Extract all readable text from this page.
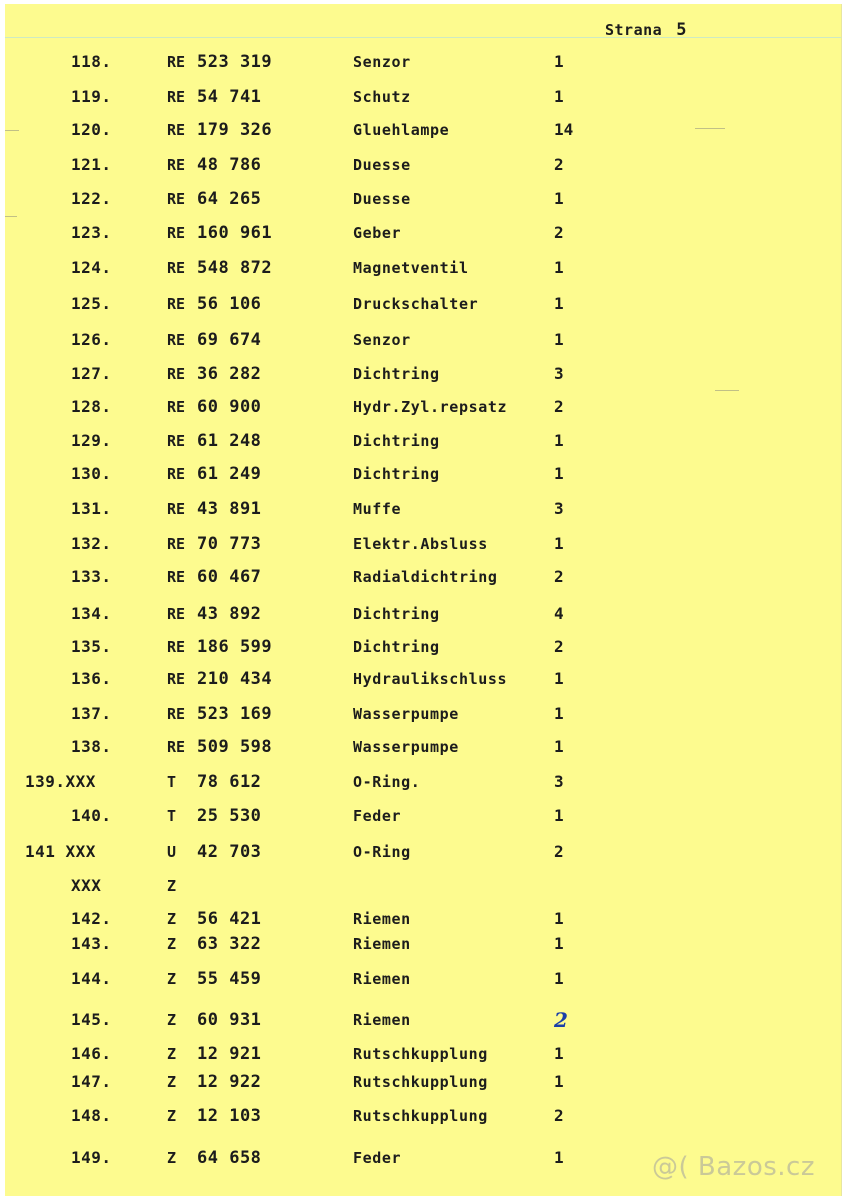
Strana 5
118.	RE 523 319	Senzor	1
119.	RE 54 741	Schutz	1
120.	RE 179 326	Gluehlampe	14
121.	RE 48 786	Duesse	2
122.	RE 64 265	Duesse	1
123.	RE 160 961	Geber	2
124.	RE 548 872	Magnetventil	1
125.	RE 56 106	Druckschalter	1
126.	RE 69 674	Senzor	1
127.	RE 36 282	Dichtring	3
128.	RE 60 900	Hydr.Zyl.repsatz	2
129.	RE 61 248	Dichtring	1
130.	RE 61 249	Dichtring	1
131.	RE 43 891	Muffe	3
132.	RE 70 773	Elektr.Absluss	1
133.	RE 60 467	Radialdichtring	2
134.	RE 43 892	Dichtring	4
135.	RE 186 599	Dichtring	2
136.	RE 210 434	Hydraulikschluss	1
137.	RE 523 169	Wasserpumpe	1
138.	RE 509 598	Wasserpumpe	1
139.XXX	T 78 612	O-Ring.	3
140.	T 25 530	Feder	1
141 XXX	U 42 703	O-Ring	2
XXX	Z
142.	Z 56 421	Riemen	1
143.	Z 63 322	Riemen	1
144.	Z 55 459	Riemen	1
145.	Z 60 931	Riemen	2
146.	Z 12 921	Rutschkupplung	1
147.	Z 12 922	Rutschkupplung	1
148.	Z 12 103	Rutschkupplung	2
149.	Z 64 658	Feder	1	@( Bazos.cz
